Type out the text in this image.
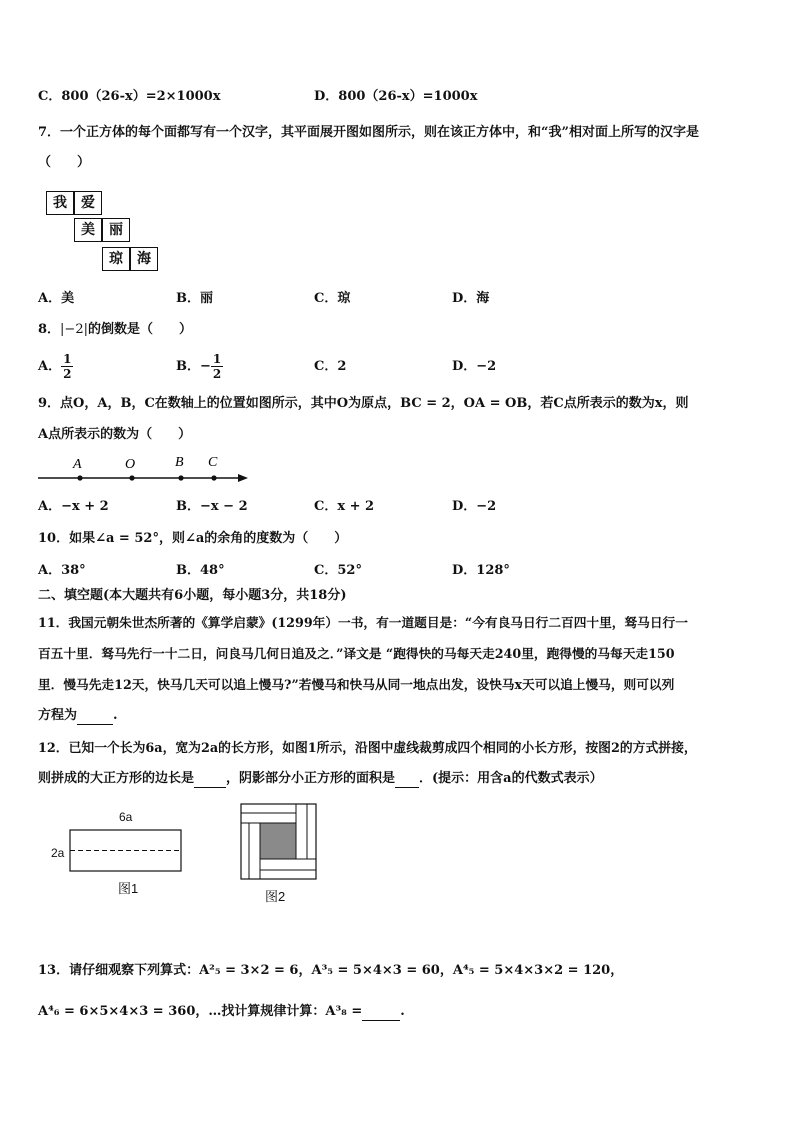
C．800（26-x）=2×1000x	D．800（26-x）=1000x
7．一个正方体的每个面都写有一个汉字，其平面展开图如图所示，则在该正方体中，和“我”相对面上所写的汉字是
（　　）
我	爱
美	丽
琼	海
A．美	B．丽	C．琼	D．海
8．|−2|的倒数是（　　）
A． $\frac{1}{2}$	B．− $\frac{1}{2}$	C．2	D．−2
9．点O，A，B，C在数轴上的位置如图所示，其中O为原点，BC = 2，OA = OB，若C点所表示的数为x，则
A点所表示的数为（　　）
A	O	B C
A．−x + 2	B．−x − 2	C．x + 2	D．−2
10．如果∠a = 52°，则∠a的余角的度数为（　　）
A．38°	B．48°	C．52°	D．128°
二、填空题(本大题共有6小题，每小题3分，共18分)
11．我国元朝朱世杰所著的《算学启蒙》(1299年）一书，有一道题目是：“今有良马日行二百四十里，驽马日行一
百五十里．驽马先行一十二日，问良马几何日追及之．”译文是 “跑得快的马每天走240里，跑得慢的马每天走150
里．慢马先走12天，快马几天可以追上慢马?”若慢马和快马从同一地点出发，设快马x天可以追上慢马，则可以列
方程为	.
12．已知一个长为6a，宽为2a的长方形，如图1所示，沿图中虚线裁剪成四个相同的小长方形，按图2的方式拼接，
则拼成的大正方形的边长是 ，阴影部分小正方形的面积是 ．(提示：用含a的代数式表示）
6a
2a
图1
图2
13．请仔细观察下列算式：A²₅ = 3×2 = 6，A³₅ = 5×4×3 = 60，A⁴₅ = 5×4×3×2 = 120，
A⁴₆ = 6×5×4×3 = 360，…找计算规律计算：A³₈ =	.
